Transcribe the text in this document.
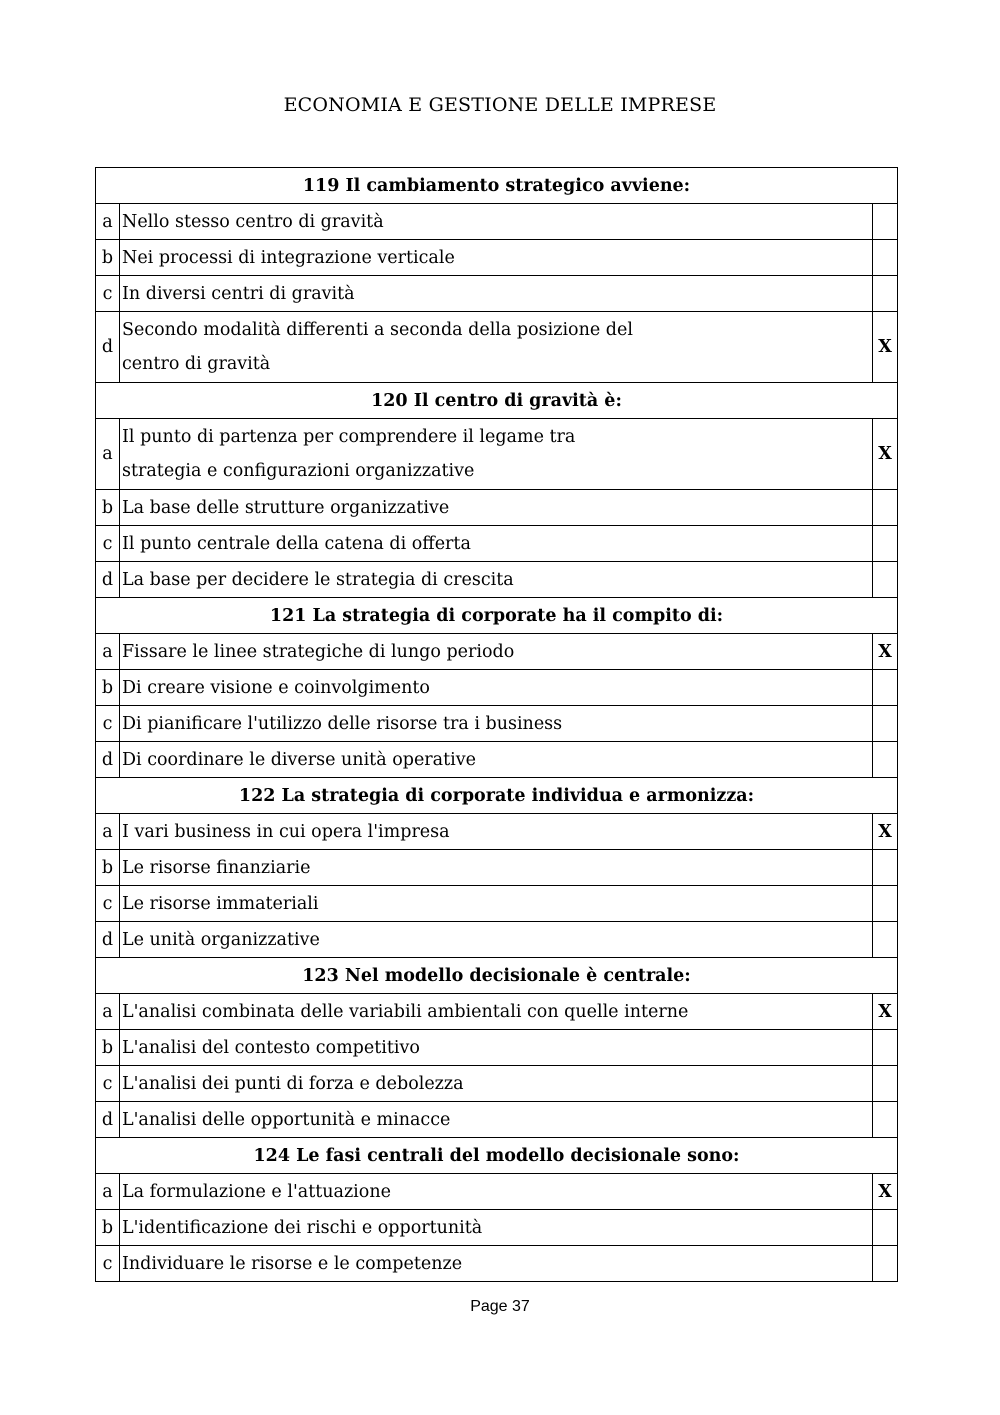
ECONOMIA E GESTIONE DELLE IMPRESE
119 Il cambiamento strategico avviene:		
a	Nello stesso centro di gravità	
b	Nei processi di integrazione verticale	
c	In diversi centri di gravità	
d	Secondo modalità differenti a seconda della posizione del centro di gravità	X
120 Il centro di gravità è:		
a	Il punto di partenza per comprendere il legame tra strategia e configurazioni organizzative	X
b	La base delle strutture organizzative	
c	Il punto centrale della catena di offerta	
d	La base per decidere le strategia di crescita	
121 La strategia di corporate ha il compito di:		
a	Fissare le linee strategiche di lungo periodo	X
b	Di creare visione e coinvolgimento	
c	Di pianificare l'utilizzo delle risorse tra i business	
d	Di coordinare le diverse unità operative	
122 La strategia di corporate individua e armonizza:		
a	I vari business in cui opera l'impresa	X
b	Le risorse finanziarie	
c	Le risorse immateriali	
d	Le unità organizzative	
123 Nel modello decisionale è centrale:		
a	L'analisi combinata delle variabili ambientali con quelle interne	X
b	L'analisi del contesto competitivo	
c	L'analisi dei punti di forza e debolezza	
d	L'analisi delle opportunità e minacce	
124 Le fasi centrali del modello decisionale sono:		
a	La formulazione e l'attuazione	X
b	L'identificazione dei rischi e opportunità	
c	Individuare le risorse e le competenze	
Page 37
